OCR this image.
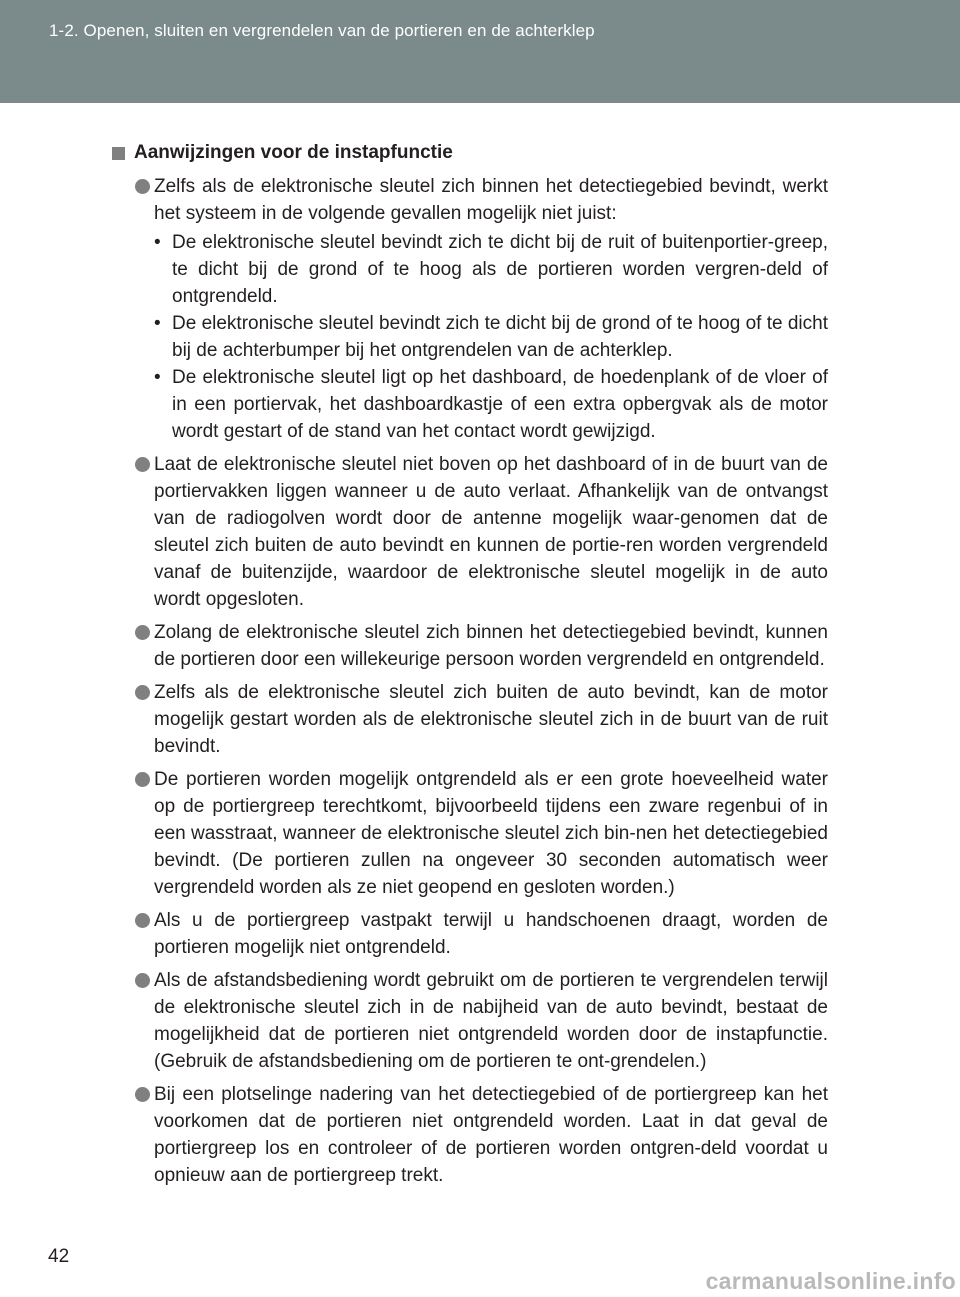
1-2. Openen, sluiten en vergrendelen van de portieren en de achterklep
Aanwijzingen voor de instapfunctie
Zelfs als de elektronische sleutel zich binnen het detectiegebied bevindt, werkt het systeem in de volgende gevallen mogelijk niet juist:
• De elektronische sleutel bevindt zich te dicht bij de ruit of buitenportier-greep, te dicht bij de grond of te hoog als de portieren worden vergren-deld of ontgrendeld.
• De elektronische sleutel bevindt zich te dicht bij de grond of te hoog of te dicht bij de achterbumper bij het ontgrendelen van de achterklep.
• De elektronische sleutel ligt op het dashboard, de hoedenplank of de vloer of in een portiervak, het dashboardkastje of een extra opbergvak als de motor wordt gestart of de stand van het contact wordt gewijzigd.
Laat de elektronische sleutel niet boven op het dashboard of in de buurt van de portiervakken liggen wanneer u de auto verlaat. Afhankelijk van de ontvangst van de radiogolven wordt door de antenne mogelijk waar-genomen dat de sleutel zich buiten de auto bevindt en kunnen de portie-ren worden vergrendeld vanaf de buitenzijde, waardoor de elektronische sleutel mogelijk in de auto wordt opgesloten.
Zolang de elektronische sleutel zich binnen het detectiegebied bevindt, kunnen de portieren door een willekeurige persoon worden vergrendeld en ontgrendeld.
Zelfs als de elektronische sleutel zich buiten de auto bevindt, kan de motor mogelijk gestart worden als de elektronische sleutel zich in de buurt van de ruit bevindt.
De portieren worden mogelijk ontgrendeld als er een grote hoeveelheid water op de portiergreep terechtkomt, bijvoorbeeld tijdens een zware regenbui of in een wasstraat, wanneer de elektronische sleutel zich bin-nen het detectiegebied bevindt. (De portieren zullen na ongeveer 30 seconden automatisch weer vergrendeld worden als ze niet geopend en gesloten worden.)
Als u de portiergreep vastpakt terwijl u handschoenen draagt, worden de portieren mogelijk niet ontgrendeld.
Als de afstandsbediening wordt gebruikt om de portieren te vergrendelen terwijl de elektronische sleutel zich in de nabijheid van de auto bevindt, bestaat de mogelijkheid dat de portieren niet ontgrendeld worden door de instapfunctie. (Gebruik de afstandsbediening om de portieren te ont-grendelen.)
Bij een plotselinge nadering van het detectiegebied of de portiergreep kan het voorkomen dat de portieren niet ontgrendeld worden. Laat in dat geval de portiergreep los en controleer of de portieren worden ontgren-deld voordat u opnieuw aan de portiergreep trekt.
42
carmanualsonline.info
